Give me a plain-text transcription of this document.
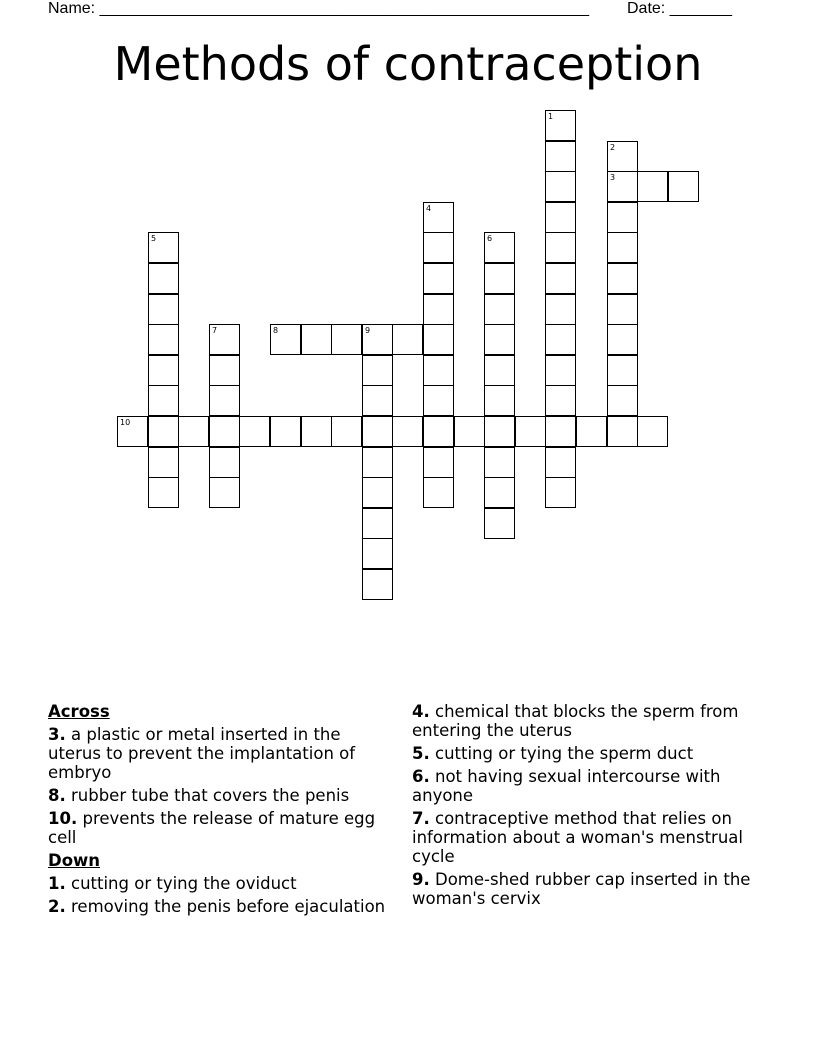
Name: _______________________________________________________ Date: _______
Methods of contraception
1
2
3
4
5	6
7	8	9
10
Across
3. a plastic or metal inserted in the uterus to prevent the implantation of embryo
8. rubber tube that covers the penis
10. prevents the release of mature egg cell
Down
1. cutting or tying the oviduct
2. removing the penis before ejaculation
4. chemical that blocks the sperm from entering the uterus
5. cutting or tying the sperm duct
6. not having sexual intercourse with anyone
7. contraceptive method that relies on information about a woman's menstrual cycle
9. Dome-shed rubber cap inserted in the woman's cervix
